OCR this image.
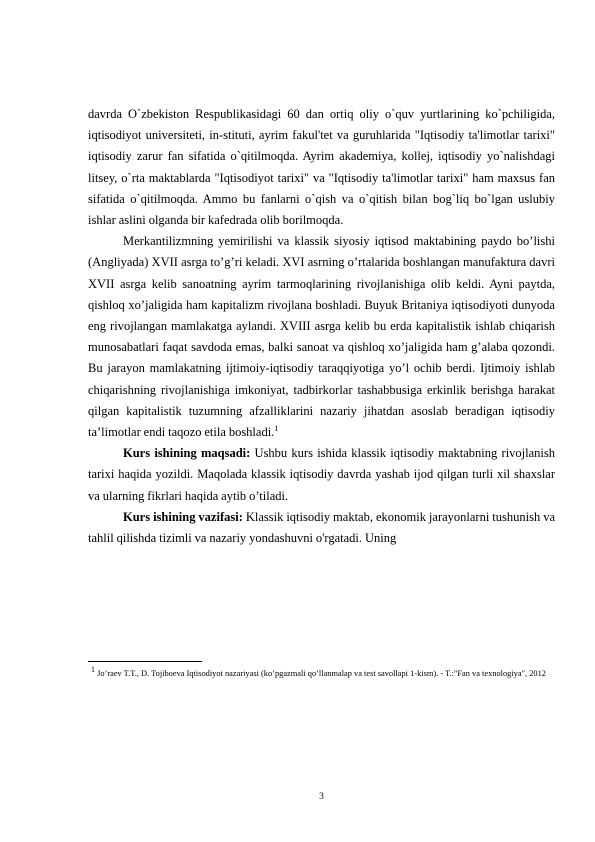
davrda O`zbekiston Respublikasidagi 60 dan ortiq oliy o`quv yurtlarining ko`pchiligida, iqtisodiyot universiteti, in-stituti, ayrim fakul'tet va guruhlarida "Iqtisodiy ta'limotlar tarixi" iqtisodiy zarur fan sifatida o`qitilmoqda. Ayrim akademiya, kollej, iqtisodiy yo`nalishdagi litsey, o`rta maktablarda "Iqtisodiyot tarixi" va "Iqtisodiy ta'limotlar tarixi" ham maxsus fan sifatida o`qitilmoqda. Ammo bu fanlarni o`qish va o`qitish bilan bog`liq bo`lgan uslubiy ishlar aslini olganda bir kafedrada olib borilmoqda.

Merkantilizmning yemirilishi va klassik siyosiy iqtisod maktabining paydo bo’lishi (Angliyada) XVII asrga to’g’ri keladi. XVI asrning o’rtalarida boshlangan manufaktura davri XVII asrga kelib sanoatning ayrim tarmoqlarining rivojlanishiga olib keldi. Ayni paytda, qishloq xo’jaligida ham kapitalizm rivojlana boshladi. Buyuk Britaniya iqtisodiyoti dunyoda eng rivojlangan mamlakatga aylandi. XVIII asrga kelib bu erda kapitalistik ishlab chiqarish munosabatlari faqat savdoda emas, balki sanoat va qishloq xo’jaligida ham g’alaba qozondi. Bu jarayon mamlakatning ijtimoiy-iqtisodiy taraqqiyotiga yo’l ochib berdi. Ijtimoiy ishlab chiqarishning rivojlanishiga imkoniyat, tadbirkorlar tashabbusiga erkinlik berishga harakat qilgan kapitalistik tuzumning afzalliklarini nazariy jihatdan asoslab beradigan iqtisodiy ta’limotlar endi taqozo etila boshladi.$^1$

Kurs ishining maqsadi: Ushbu kurs ishida klassik iqtisodiy maktabning rivojlanish tarixi haqida yozildi. Maqolada klassik iqtisodiy davrda yashab ijod qilgan turli xil shaxslar va ularning fikrlari haqida aytib o’tiladi.

Kurs ishining vazifasi: Klassik iqtisodiy maktab, ekonomik jarayonlarni tushunish va tahlil qilishda tizimli va nazariy yondashuvni o'rgatadi. Uning

$^1$ Jo’raev T.T., D. Tojiboeva Iqtisodiyot nazariyasi (ko’pgazmali qo’llanmalap va test savollapi 1-kism). - T.:"Fan va texnologiya", 2012
3
